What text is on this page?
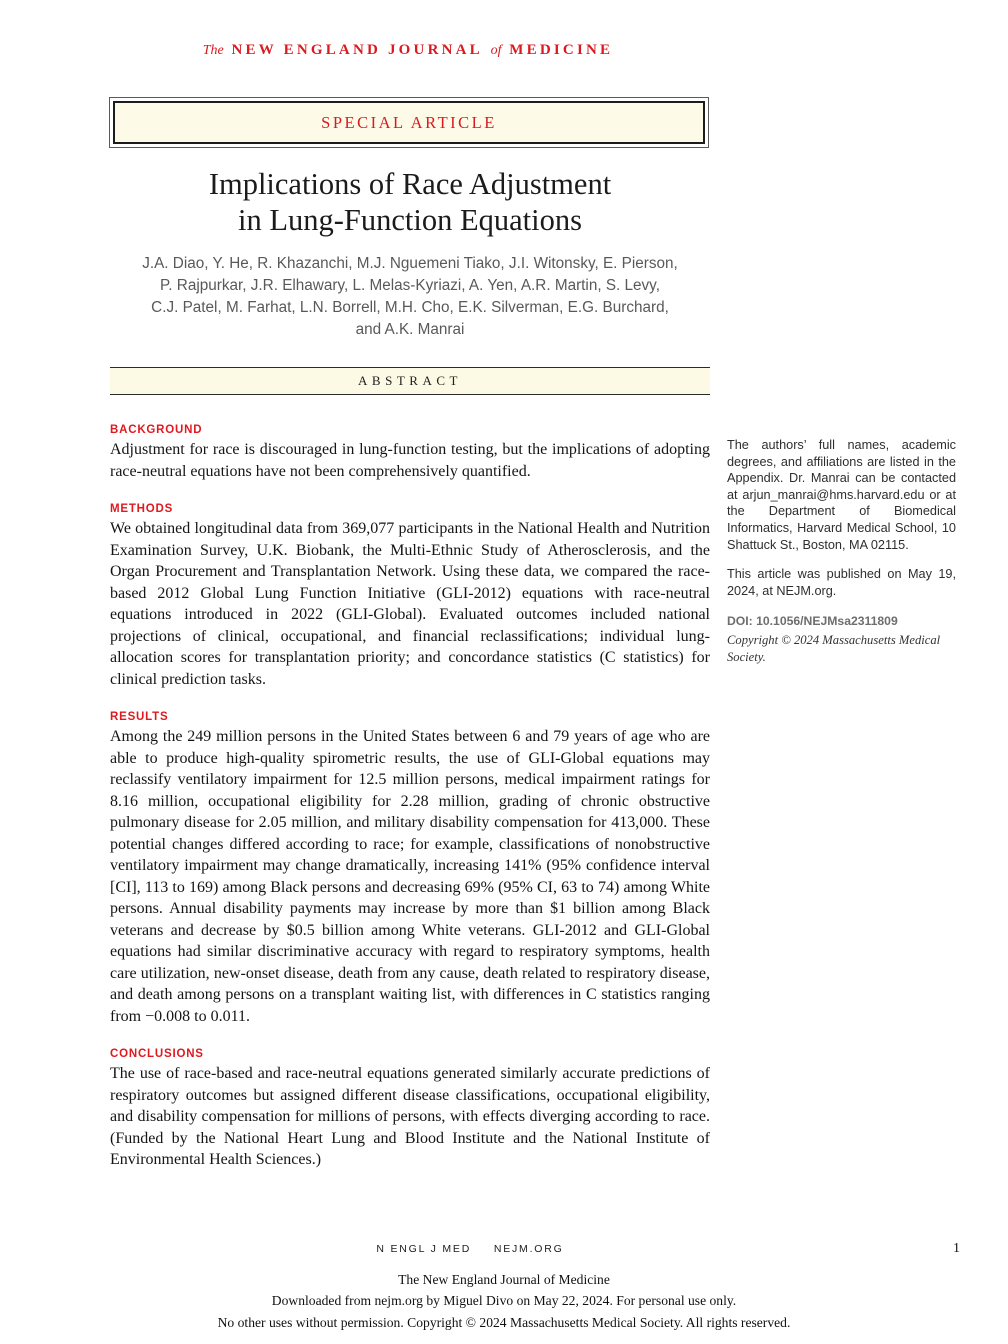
The NEW ENGLAND JOURNAL of MEDICINE
SPECIAL ARTICLE
Implications of Race Adjustment
in Lung-Function Equations
J.A. Diao, Y. He, R. Khazanchi, M.J. Nguemeni Tiako, J.I. Witonsky, E. Pierson,
P. Rajpurkar, J.R. Elhawary, L. Melas-Kyriazi, A. Yen, A.R. Martin, S. Levy,
C.J. Patel, M. Farhat, L.N. Borrell, M.H. Cho, E.K. Silverman, E.G. Burchard,
and A.K. Manrai
ABSTRACT
BACKGROUND

Adjustment for race is discouraged in lung-function testing, but the implications of adopting race-neutral equations have not been comprehensively quantified.

METHODS

We obtained longitudinal data from 369,077 participants in the National Health and Nutrition Examination Survey, U.K. Biobank, the Multi-Ethnic Study of Atherosclerosis, and the Organ Procurement and Transplantation Network. Using these data, we compared the race-based 2012 Global Lung Function Initiative (GLI-2012) equations with race-neutral equations introduced in 2022 (GLI-Global). Evaluated outcomes included national projections of clinical, occupational, and financial reclassifications; individual lung-allocation scores for transplantation priority; and concordance statistics (C statistics) for clinical prediction tasks.

RESULTS

Among the 249 million persons in the United States between 6 and 79 years of age who are able to produce high-quality spirometric results, the use of GLI-Global equations may reclassify ventilatory impairment for 12.5 million persons, medical impairment ratings for 8.16 million, occupational eligibility for 2.28 million, grading of chronic obstructive pulmonary disease for 2.05 million, and military disability compensation for 413,000. These potential changes differed according to race; for example, classifications of nonobstructive ventilatory impairment may change dramatically, increasing 141% (95% confidence interval [CI], 113 to 169) among Black persons and decreasing 69% (95% CI, 63 to 74) among White persons. Annual disability payments may increase by more than $1 billion among Black veterans and decrease by $0.5 billion among White veterans. GLI-2012 and GLI-Global equations had similar discriminative accuracy with regard to respiratory symptoms, health care utilization, new-onset disease, death from any cause, death related to respiratory disease, and death among persons on a transplant waiting list, with differences in C statistics ranging from −0.008 to 0.011.

CONCLUSIONS

The use of race-based and race-neutral equations generated similarly accurate predictions of respiratory outcomes but assigned different disease classifications, occupational eligibility, and disability compensation for millions of persons, with effects diverging according to race. (Funded by the National Heart Lung and Blood Institute and the National Institute of Environmental Health Sciences.)

The authors’ full names, academic degrees, and affiliations are listed in the Appendix. Dr. Manrai can be contacted at arjun_manrai@hms.harvard.edu or at the Department of Biomedical Informatics, Harvard Medical School, 10 Shattuck St., Boston, MA 02115.

This article was published on May 19, 2024, at NEJM.org.

DOI: 10.1056/NEJMsa2311809

Copyright © 2024 Massachusetts Medical Society.

N ENGL J MED NEJM.ORG	1
The New England Journal of Medicine
Downloaded from nejm.org by Miguel Divo on May 22, 2024. For personal use only.
No other uses without permission. Copyright © 2024 Massachusetts Medical Society. All rights reserved.
